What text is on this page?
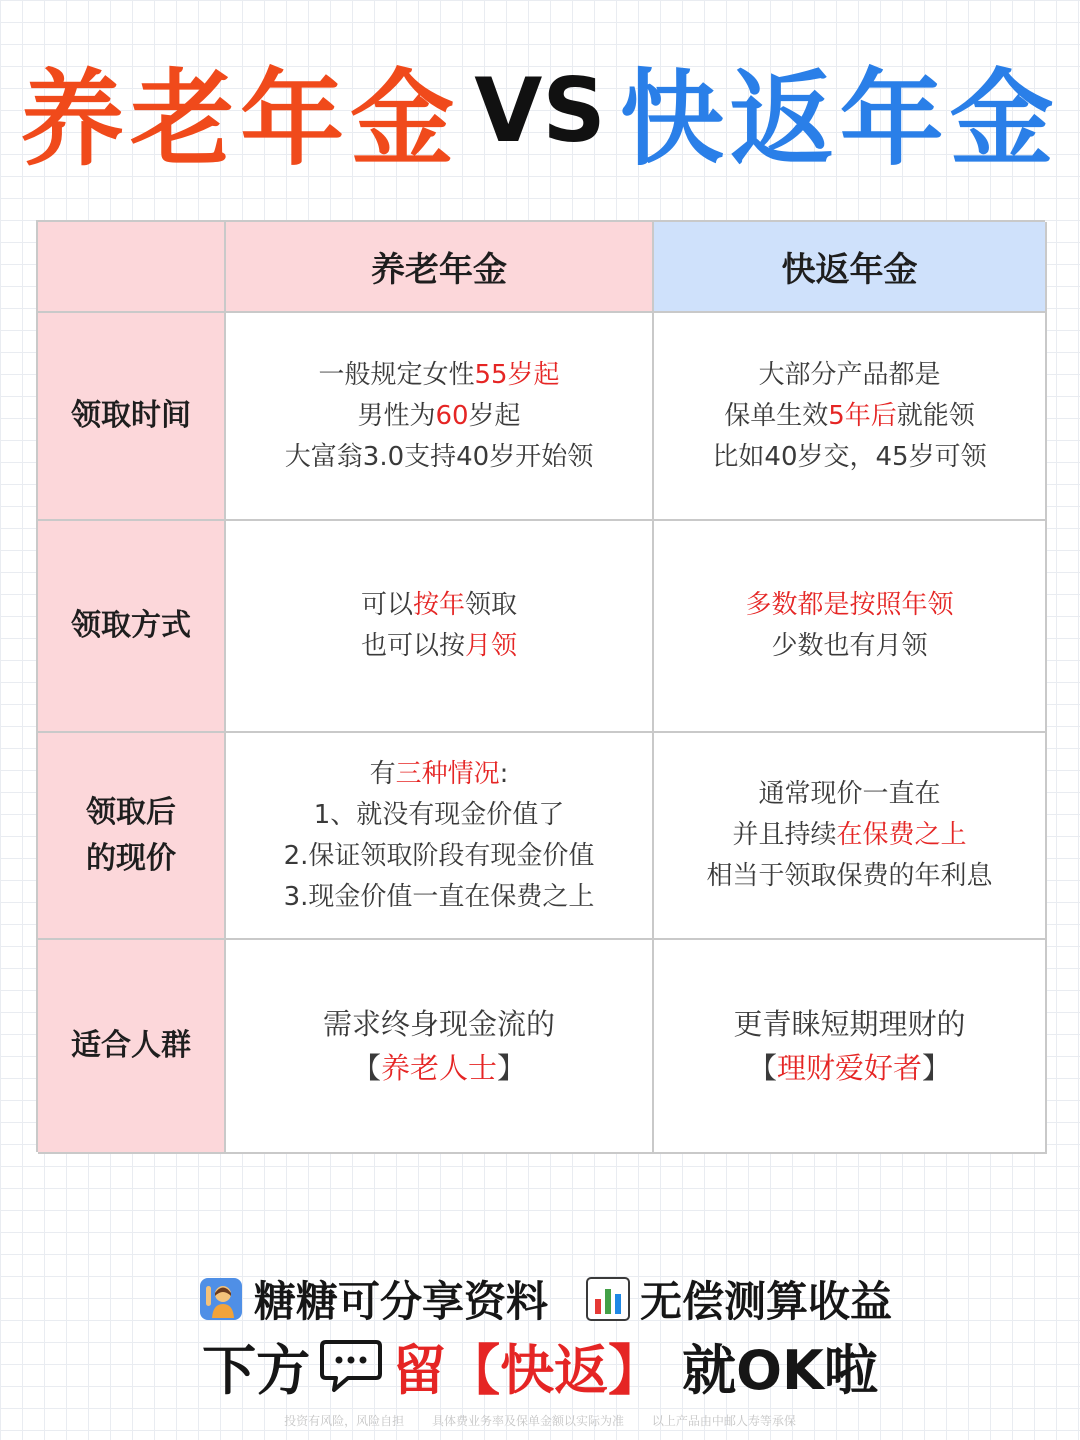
养老年金 VS 快返年金
养老年金	快返年金
领取时间
一般规定女性55岁起
男性为60岁起
大富翁3.0支持40岁开始领
大部分产品都是
保单生效5年后就能领
比如40岁交，45岁可领
领取方式
可以按年领取
也可以按月领
多数都是按照年领
少数也有月领
领取后
的现价
有三种情况:
1、就没有现金价值了
2.保证领取阶段有现金价值
3.现金价值一直在保费之上
通常现价一直在
并且持续在保费之上
相当于领取保费的年利息
适合人群
需求终身现金流的
【养老人士】
更青睐短期理财的
【理财爱好者】
糖糖可分享资料 无偿测算收益
下方 留【快返】 就OK啦
投资有风险，风险自担 具体费业务率及保单金额以实际为准 以上产品由中邮人寿等承保
